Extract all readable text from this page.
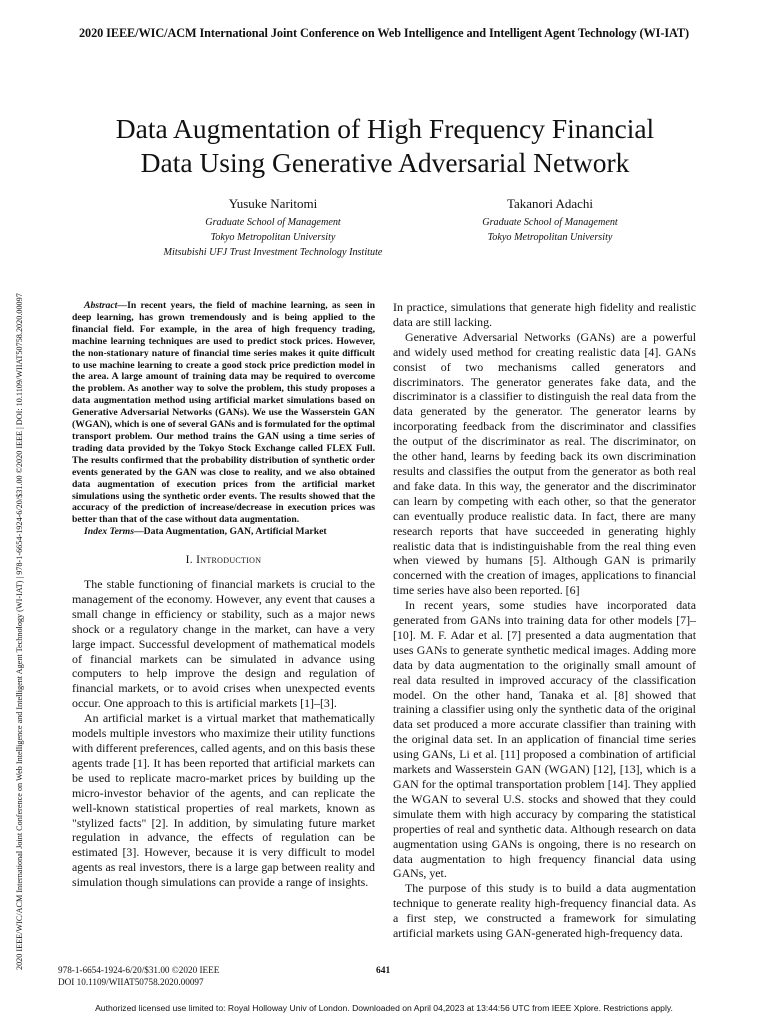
2020 IEEE/WIC/ACM International Joint Conference on Web Intelligence and Intelligent Agent Technology (WI-IAT)
2020 IEEE/WIC/ACM International Joint Conference on Web Intelligence and Intelligent Agent Technology (WI-IAT) | 978-1-6654-1924-6/20/$31.00 ©2020 IEEE | DOI: 10.1109/WIIAT50758.2020.00097
Data Augmentation of High Frequency Financial
Data Using Generative Adversarial Network
Yusuke Naritomi
Graduate School of Management
Tokyo Metropolitan University
Mitsubishi UFJ Trust Investment Technology Institute
Takanori Adachi
Graduate School of Management
Tokyo Metropolitan University

Abstract—In recent years, the field of machine learning, as seen in deep learning, has grown tremendously and is being applied to the financial field. For example, in the area of high frequency trading, machine learning techniques are used to predict stock prices. However, the non-stationary nature of financial time series makes it quite difficult to use machine learning to create a good stock price prediction model in the area. A large amount of training data may be required to overcome the problem. As another way to solve the problem, this study proposes a data augmentation method using artificial market simulations based on Generative Adversarial Networks (GANs). We use the Wasserstein GAN (WGAN), which is one of several GANs and is formulated for the optimal transport problem. Our method trains the GAN using a time series of trading data provided by the Tokyo Stock Exchange called FLEX Full. The results confirmed that the probability distribution of synthetic order events generated by the GAN was close to reality, and we also obtained data augmentation of execution prices from the artificial market simulations using the synthetic order events. The results showed that the accuracy of the prediction of increase/decrease in execution prices was better than that of the case without data augmentation.

Index Terms—Data Augmentation, GAN, Artificial Market

I. Introduction

The stable functioning of financial markets is crucial to the management of the economy. However, any event that causes a small change in efficiency or stability, such as a major news shock or a regulatory change in the market, can have a very large impact. Successful development of mathematical models of financial markets can be simulated in advance using computers to help improve the design and regulation of financial markets, or to avoid crises when unexpected events occur. One approach to this is artificial markets [1]–[3].

An artificial market is a virtual market that mathematically models multiple investors who maximize their utility functions with different preferences, called agents, and on this basis these agents trade [1]. It has been reported that artificial markets can be used to replicate macro-market prices by building up the micro-investor behavior of the agents, and can replicate the well-known statistical properties of real markets, known as "stylized facts" [2]. In addition, by simulating future market regulation in advance, the effects of regulation can be estimated [3]. However, because it is very difficult to model agents as real investors, there is a large gap between reality and simulation though simulations can provide a range of insights.

In practice, simulations that generate high fidelity and realistic data are still lacking.

Generative Adversarial Networks (GANs) are a powerful and widely used method for creating realistic data [4]. GANs consist of two mechanisms called generators and discriminators. The generator generates fake data, and the discriminator is a classifier to distinguish the real data from the data generated by the generator. The generator learns by incorporating feedback from the discriminator and classifies the output of the discriminator as real. The discriminator, on the other hand, learns by feeding back its own discrimination results and classifies the output from the generator as both real and fake data. In this way, the generator and the discriminator can learn by competing with each other, so that the generator can eventually produce realistic data. In fact, there are many research reports that have succeeded in generating highly realistic data that is indistinguishable from the real thing even when viewed by humans [5]. Although GAN is primarily concerned with the creation of images, applications to financial time series have also been reported. [6]

In recent years, some studies have incorporated data generated from GANs into training data for other models [7]–[10]. M. F. Adar et al. [7] presented a data augmentation that uses GANs to generate synthetic medical images. Adding more data by data augmentation to the originally small amount of real data resulted in improved accuracy of the classification model. On the other hand, Tanaka et al. [8] showed that training a classifier using only the synthetic data of the original data set produced a more accurate classifier than training with the original data set. In an application of financial time series using GANs, Li et al. [11] proposed a combination of artificial markets and Wasserstein GAN (WGAN) [12], [13], which is a GAN for the optimal transportation problem [14]. They applied the WGAN to several U.S. stocks and showed that they could simulate them with high accuracy by comparing the statistical properties of real and synthetic data. Although research on data augmentation using GANs is ongoing, there is no research on data augmentation to high frequency financial data using GANs, yet.

The purpose of this study is to build a data augmentation technique to generate reality high-frequency financial data. As a first step, we constructed a framework for simulating artificial markets using GAN-generated high-frequency data.

978-1-6654-1924-6/20/$31.00 ©2020 IEEE
DOI 10.1109/WIIAT50758.2020.00097
641
Authorized licensed use limited to: Royal Holloway Univ of London. Downloaded on April 04,2023 at 13:44:56 UTC from IEEE Xplore. Restrictions apply.
